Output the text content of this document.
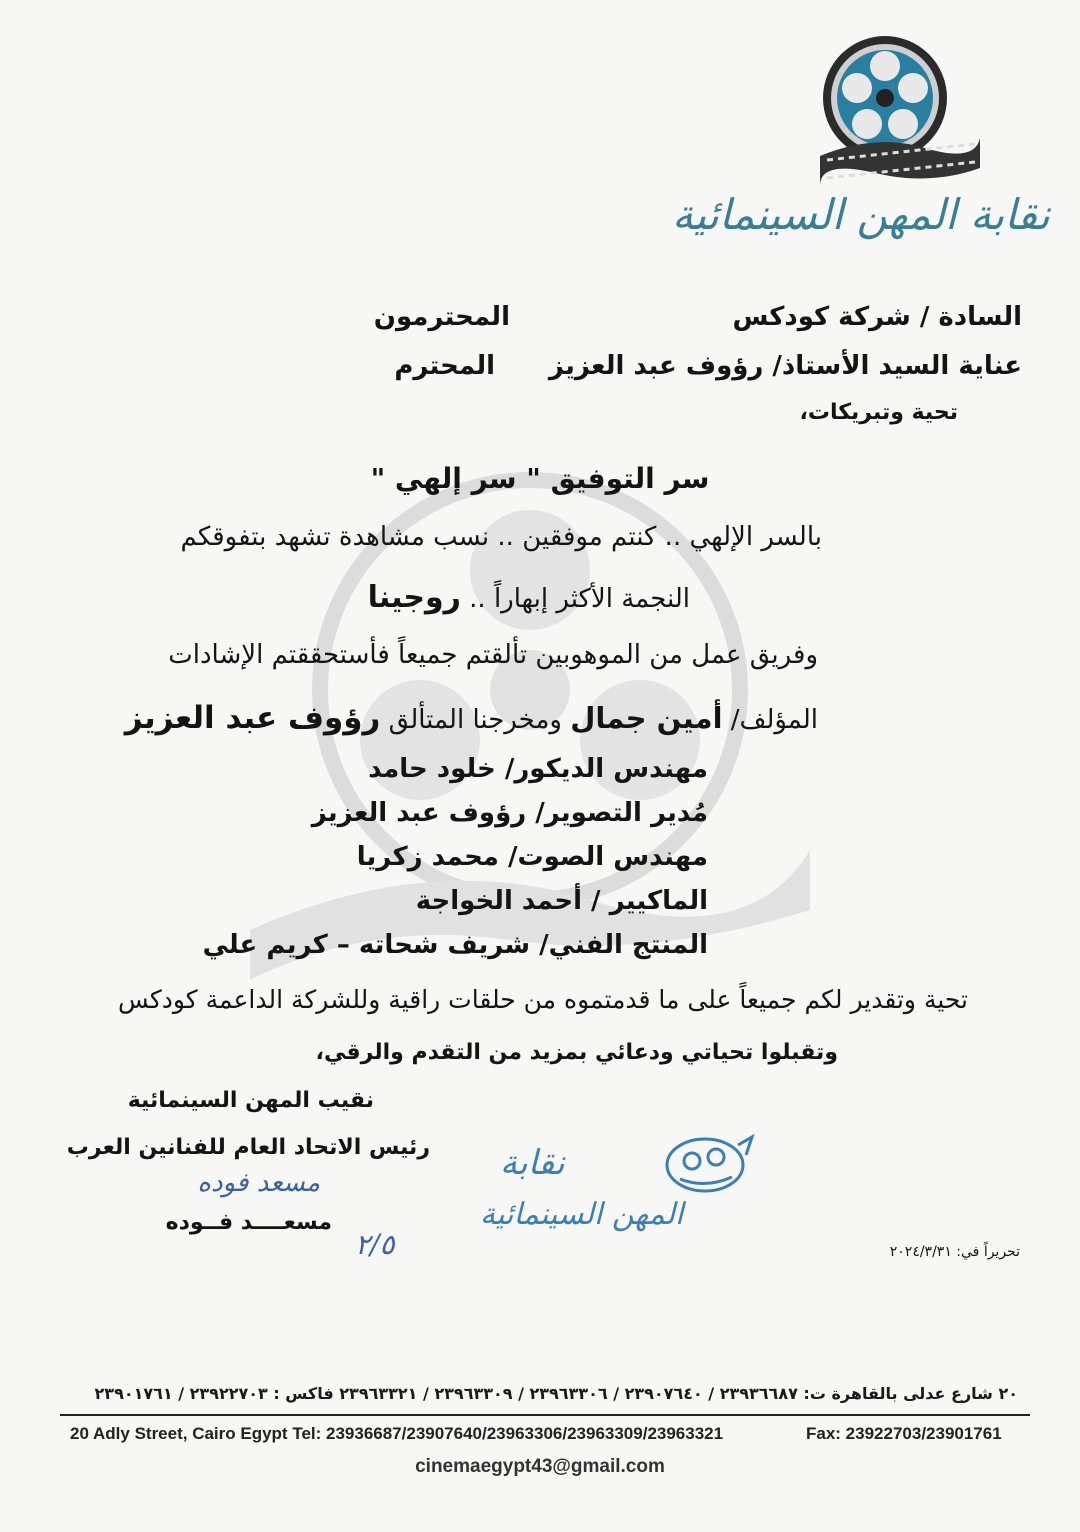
نقابة المهن السينمائية
السادة / شركة كودكس
المحترمون
عناية السيد الأستاذ/ رؤوف عبد العزيز
المحترم
تحية وتبريكات،
سر التوفيق " سر إلهي "
بالسر الإلهي .. كنتم موفقين .. نسب مشاهدة تشهد بتفوقكم
النجمة الأكثر إبهاراً .. روجينا
وفريق عمل من الموهوبين تألقتم جميعاً فأستحققتم الإشادات
المؤلف/ أمين جمال ومخرجنا المتألق رؤوف عبد العزيز
مهندس الديكور/ خلود حامد
مُدير التصوير/ رؤوف عبد العزيز
مهندس الصوت/ محمد زكريا
الماكيير / أحمد الخواجة
المنتج الفني/ شريف شحاته – كريم علي
تحية وتقدير لكم جميعاً على ما قدمتموه من حلقات راقية وللشركة الداعمة كودكس
وتقبلوا تحياتي ودعائي بمزيد من التقدم والرقي،
نقيب المهن السينمائية
رئيس الاتحاد العام للفنانين العرب
مسعد فوده
مسعــــد فــوده
٢/٥
نقابة
المهن السينمائية
تحريراً في: ٢٠٢٤/٣/٣١
٢٠ شارع عدلى بالقاهرة ت: ٢٣٩٣٦٦٨٧ / ٢٣٩٠٧٦٤٠ / ٢٣٩٦٣٣٠٦ / ٢٣٩٦٣٣٠٩ / ٢٣٩٦٣٣٢١ فاكس : ٢٣٩٢٢٧٠٣ / ٢٣٩٠١٧٦١
20 Adly Street, Cairo Egypt Tel: 23936687/23907640/23963306/23963309/23963321	Fax: 23922703/23901761
cinemaegypt43@gmail.com
